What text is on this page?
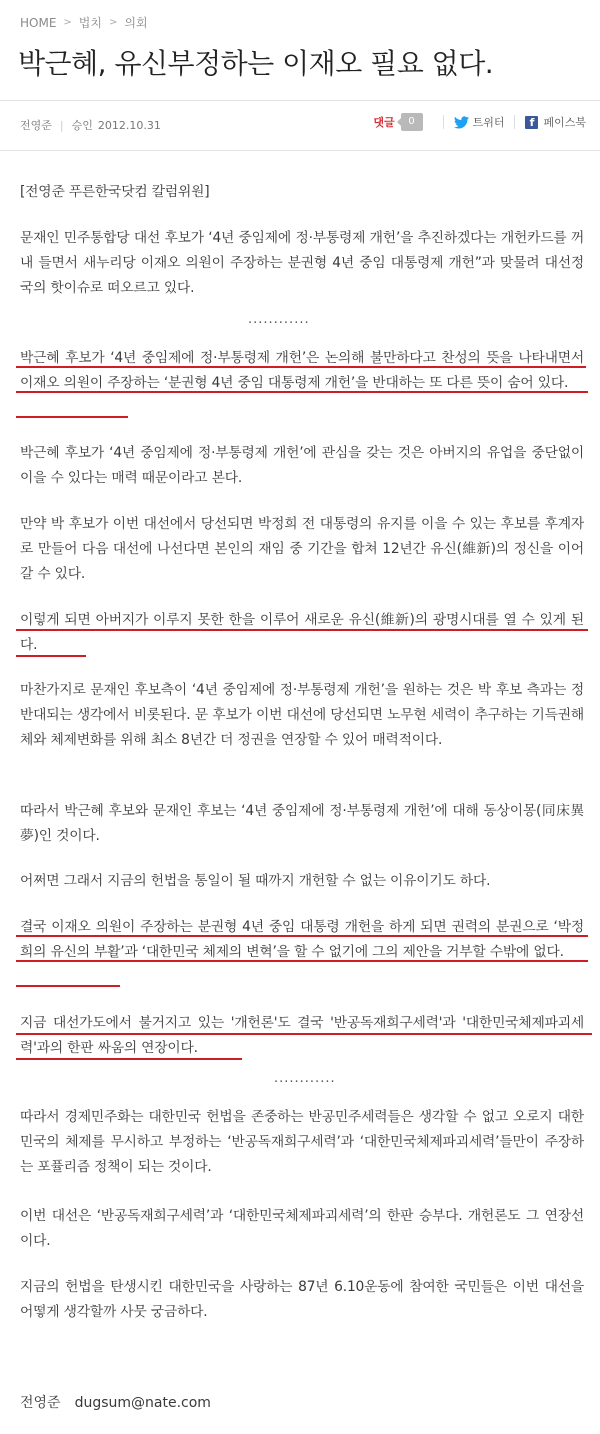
HOME > 법치 > 의회
박근혜, 유신부정하는 이재오 필요 없다.
전영준 | 승인 2012.10.31	댓글	0	트위터	f 페이스북
[전영준 푸른한국닷컴 칼럼위원]
문재인 민주통합당 대선 후보가 ‘4년 중임제에 정·부통령제 개헌’을 추진하겠다는 개헌카드를 꺼내 들면서 새누리당 이재오 의원이 주장하는 분권형 4년 중임 대통령제 개헌”과 맞물려 대선정국의 핫이슈로 떠오르고 있다.
............
박근혜 후보가 ‘4년 중임제에 정·부통령제 개헌’은 논의해 불만하다고 찬성의 뜻을 나타내면서 이재오 의원이 주장하는 ‘분권형 4년 중임 대통령제 개헌’을 반대하는 또 다른 뜻이 숨어 있다.
박근혜 후보가 ‘4년 중임제에 정·부통령제 개헌’에 관심을 갖는 것은 아버지의 유업을 중단없이 이을 수 있다는 매력 때문이라고 본다.
만약 박 후보가 이번 대선에서 당선되면 박정희 전 대통령의 유지를 이을 수 있는 후보를 후계자로 만들어 다음 대선에 나선다면 본인의 재임 중 기간을 합쳐 12년간 유신(維新)의 정신을 이어갈 수 있다.
이렇게 되면 아버지가 이루지 못한 한을 이루어 새로운 유신(維新)의 광명시대를 열 수 있게 된다.
마찬가지로 문재인 후보측이 ‘4년 중임제에 정·부통령제 개헌’을 원하는 것은 박 후보 측과는 정반대되는 생각에서 비롯된다. 문 후보가 이번 대선에 당선되면 노무현 세력이 추구하는 기득권해체와 체제변화를 위해 최소 8년간 더 정권을 연장할 수 있어 매력적이다.
따라서 박근혜 후보와 문재인 후보는 ‘4년 중임제에 정·부통령제 개헌’에 대해 동상이몽(同床異夢)인 것이다.
어쩌면 그래서 지금의 헌법을 통일이 될 때까지 개헌할 수 없는 이유이기도 하다.
결국 이재오 의원이 주장하는 분권형 4년 중임 대통령 개헌을 하게 되면 권력의 분권으로 ‘박정희의 유신의 부활’과 ‘대한민국 체제의 변혁’을 할 수 없기에 그의 제안을 거부할 수밖에 없다.
지금 대선가도에서 불거지고 있는 '개헌론'도 결국 '반공독재희구세력'과 '대한민국체제파괴세력'과의 한판 싸움의 연장이다.
............
따라서 경제민주화는 대한민국 헌법을 존중하는 반공민주세력들은 생각할 수 없고 오로지 대한민국의 체제를 무시하고 부정하는 ‘반공독재희구세력’과 ‘대한민국체제파괴세력’들만이 주장하는 포퓰리즘 정책이 되는 것이다.
이번 대선은 ‘반공독재희구세력’과 ‘대한민국체제파괴세력’의 한판 승부다. 개헌론도 그 연장선이다.
지금의 헌법을 탄생시킨 대한민국을 사랑하는 87년 6.10운동에 참여한 국민들은 이번 대선을 어떻게 생각할까 사뭇 궁금하다.
전영준 dugsum@nate.com
